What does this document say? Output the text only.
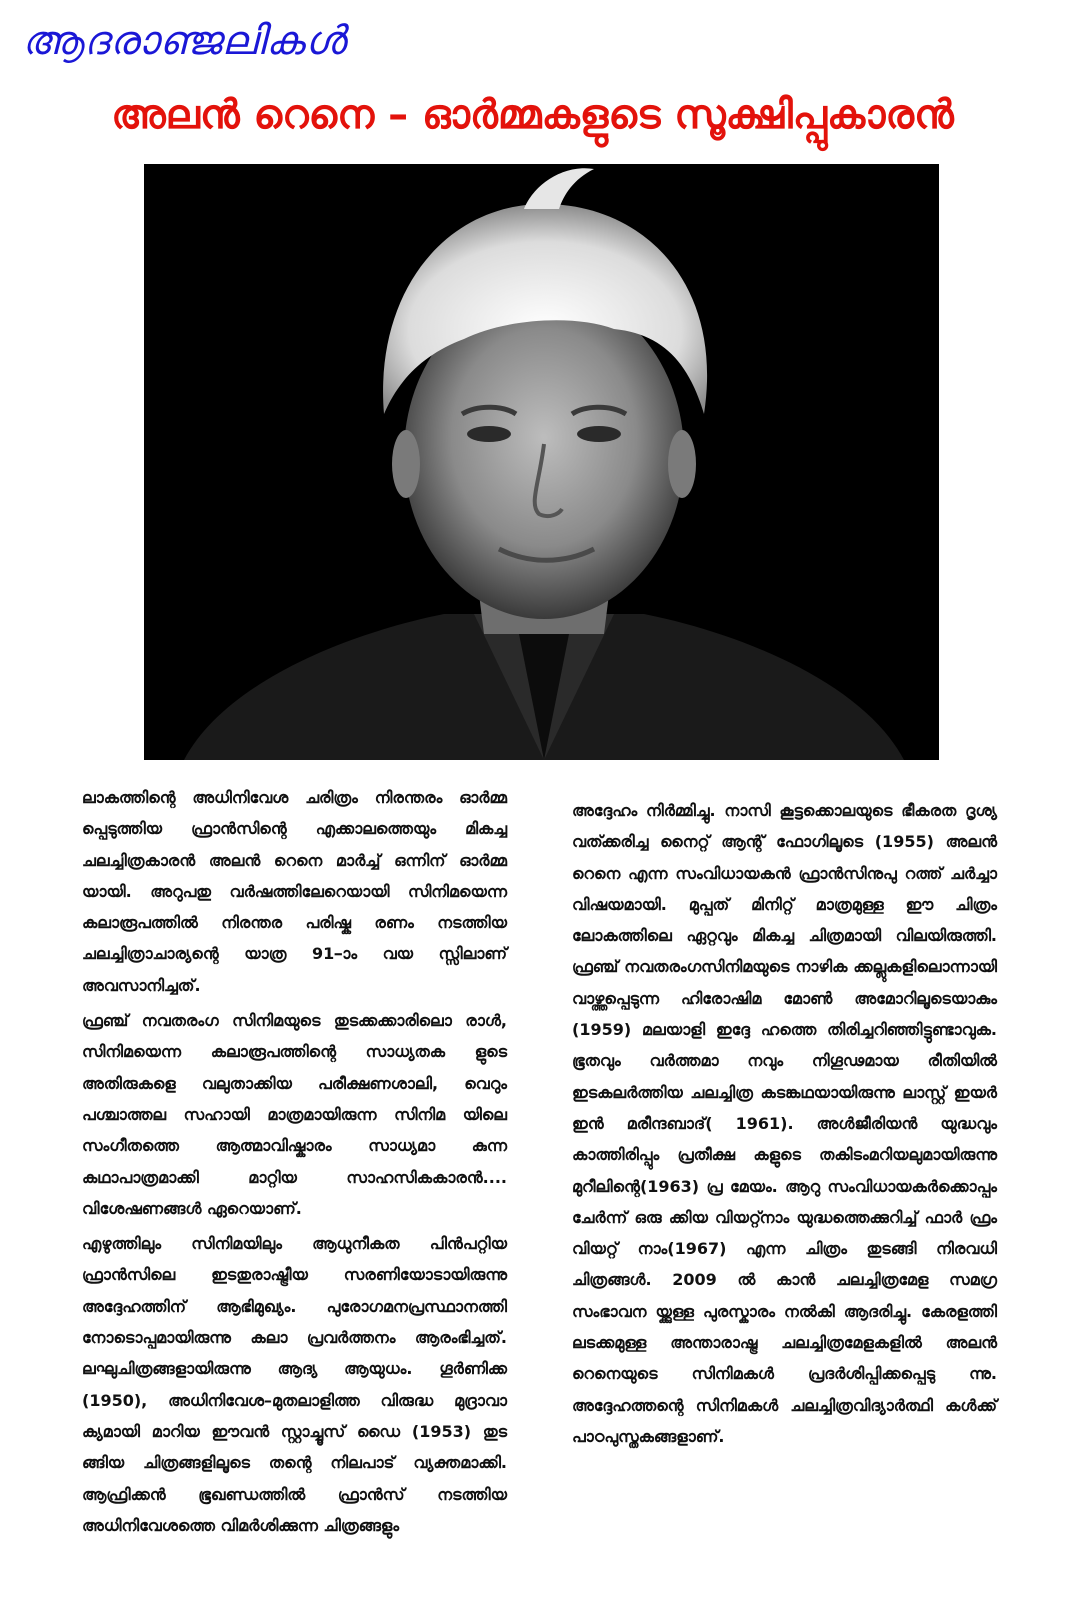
ആദരാഞ്ജലികൾ
അലൻ റെനെ – ഓർമ്മകളുടെ സൂക്ഷിപ്പുകാരൻ

ലാകത്തിന്റെ അധിനിവേശ ചരിത്രം നിരന്തരം ഓർമ്മ പ്പെടുത്തിയ ഫ്രാൻസിന്റെ എക്കാലത്തെയും മികച്ച ചലച്ചിത്രകാരൻ അലൻ റെനെ മാർച്ച് ഒന്നിന് ഓർമ്മ യായി. അറുപതു വർഷത്തിലേറെയായി സിനിമയെന്ന കലാരൂപത്തിൽ നിരന്തര പരിഷ്ക രണം നടത്തിയ ചലച്ചിത്രാചാര്യന്റെ യാത്ര 91–ാം വയ സ്സിലാണ് അവസാനിച്ചത്.

ഫ്രഞ്ച് നവതരംഗ സിനിമയുടെ തുടക്കക്കാരിലൊ രാൾ, സിനിമയെന്ന കലാരൂപത്തിന്റെ സാധ്യതക ളുടെ അതിരുകളെ വലുതാക്കിയ പരീക്ഷണശാലി, വെറും പശ്ചാത്തല സഹായി മാത്രമായിരുന്ന സിനിമ യിലെ സംഗീതത്തെ ആത്മാവിഷ്കാരം സാധ്യമാ കുന്ന കഥാപാത്രമാക്കി മാറ്റിയ സാഹസികകാരൻ.... വിശേഷണങ്ങൾ ഏറെയാണ്.

എഴുത്തിലും സിനിമയിലും ആധുനീകത പിൻപറ്റിയ ഫ്രാൻസിലെ ഇടതുരാഷ്ട്രീയ സരണിയോടായിരുന്നു അദ്ദേഹത്തിന് ആഭിമുഖ്യം. പുരോഗമനപ്രസ്ഥാനത്തി നോടൊപ്പമായിരുന്നു കലാ പ്രവർത്തനം ആരംഭിച്ചത്. ലഘുചിത്രങ്ങളായിരുന്നു ആദ്യ ആയുധം. ഗൂർണിക്ക (1950), അധിനിവേശ–മുതലാളിത്ത വിരുദ്ധ മുദ്രാവാ ക്യമായി മാറിയ ഈവൻ സ്റ്റാച്ചൂസ് ഡൈ (1953) തുട ങ്ങിയ ചിത്രങ്ങളിലൂടെ തന്റെ നിലപാട് വ്യക്തമാക്കി. ആഫ്രിക്കൻ ഭൂഖണ്ഡത്തിൽ ഫ്രാൻസ് നടത്തിയ അധിനിവേശത്തെ വിമർശിക്കുന്ന ചിത്രങ്ങളും

അദ്ദേഹം നിർമ്മിച്ചു. നാസി കൂട്ടക്കൊലയുടെ ഭീകരത ദൃശ്യ വത്ക്കരിച്ച നൈറ്റ് ആന്റ് ഫോഗിലൂടെ (1955) അലൻ റെനെ എന്ന സംവിധായകൻ ഫ്രാൻസിനുപു റത്ത് ചർച്ചാ വിഷയമായി. മുപ്പത് മിനിറ്റ് മാത്രമുള്ള ഈ ചിത്രം ലോകത്തിലെ ഏറ്റവും മികച്ച ചിത്രമായി വിലയിരുത്തി. ഫ്രഞ്ച് നവതരംഗസിനിമയുടെ നാഴിക ക്കല്ലുകളിലൊന്നായി വാഴ്ത്തപ്പെടുന്ന ഹിരോഷിമ മോൺ അമോറിലൂടെയാകും (1959) മലയാളി ഇദ്ദേ ഹത്തെ തിരിച്ചറിഞ്ഞിട്ടുണ്ടാവുക. ഭൂതവും വർത്തമാ നവും നിഗൂഢമായ രീതിയിൽ ഇടകലർത്തിയ ചലച്ചിത്ര കടങ്കഥയായിരുന്നു ലാസ്റ്റ് ഇയർ ഇൻ മരീന്ദബാദ്( 1961). അൾജീരിയൻ യുദ്ധവും കാത്തിരിപ്പും പ്രതീക്ഷ കളുടെ തകിടംമറിയലുമായിരുന്നു മുറീലിന്റെ(1963) പ്ര മേയം. ആറു സംവിധായകർക്കൊപ്പം ചേർന്ന് ഒരു ക്കിയ വിയറ്റ്നാം യുദ്ധത്തെക്കുറിച്ച് ഫാർ ഫ്രം വിയറ്റ് നാം(1967) എന്ന ചിത്രം തുടങ്ങി നിരവധി ചിത്രങ്ങൾ. 2009 ൽ കാൻ ചലച്ചിത്രമേള സമഗ്ര സംഭാവന യ്ക്കുള്ള പുരസ്കാരം നൽകി ആദരിച്ചു. കേരളത്തി ലടക്കമുള്ള അന്താരാഷ്ട്ര ചലച്ചിത്രമേളകളിൽ അലൻ റെനെയുടെ സിനിമകൾ പ്രദർശിപ്പിക്കപ്പെടു ന്നു. അദ്ദേഹത്തന്റെ സിനിമകൾ ചലച്ചിത്രവിദ്യാർത്ഥി കൾക്ക് പാഠപുസ്തകങ്ങളാണ്.
